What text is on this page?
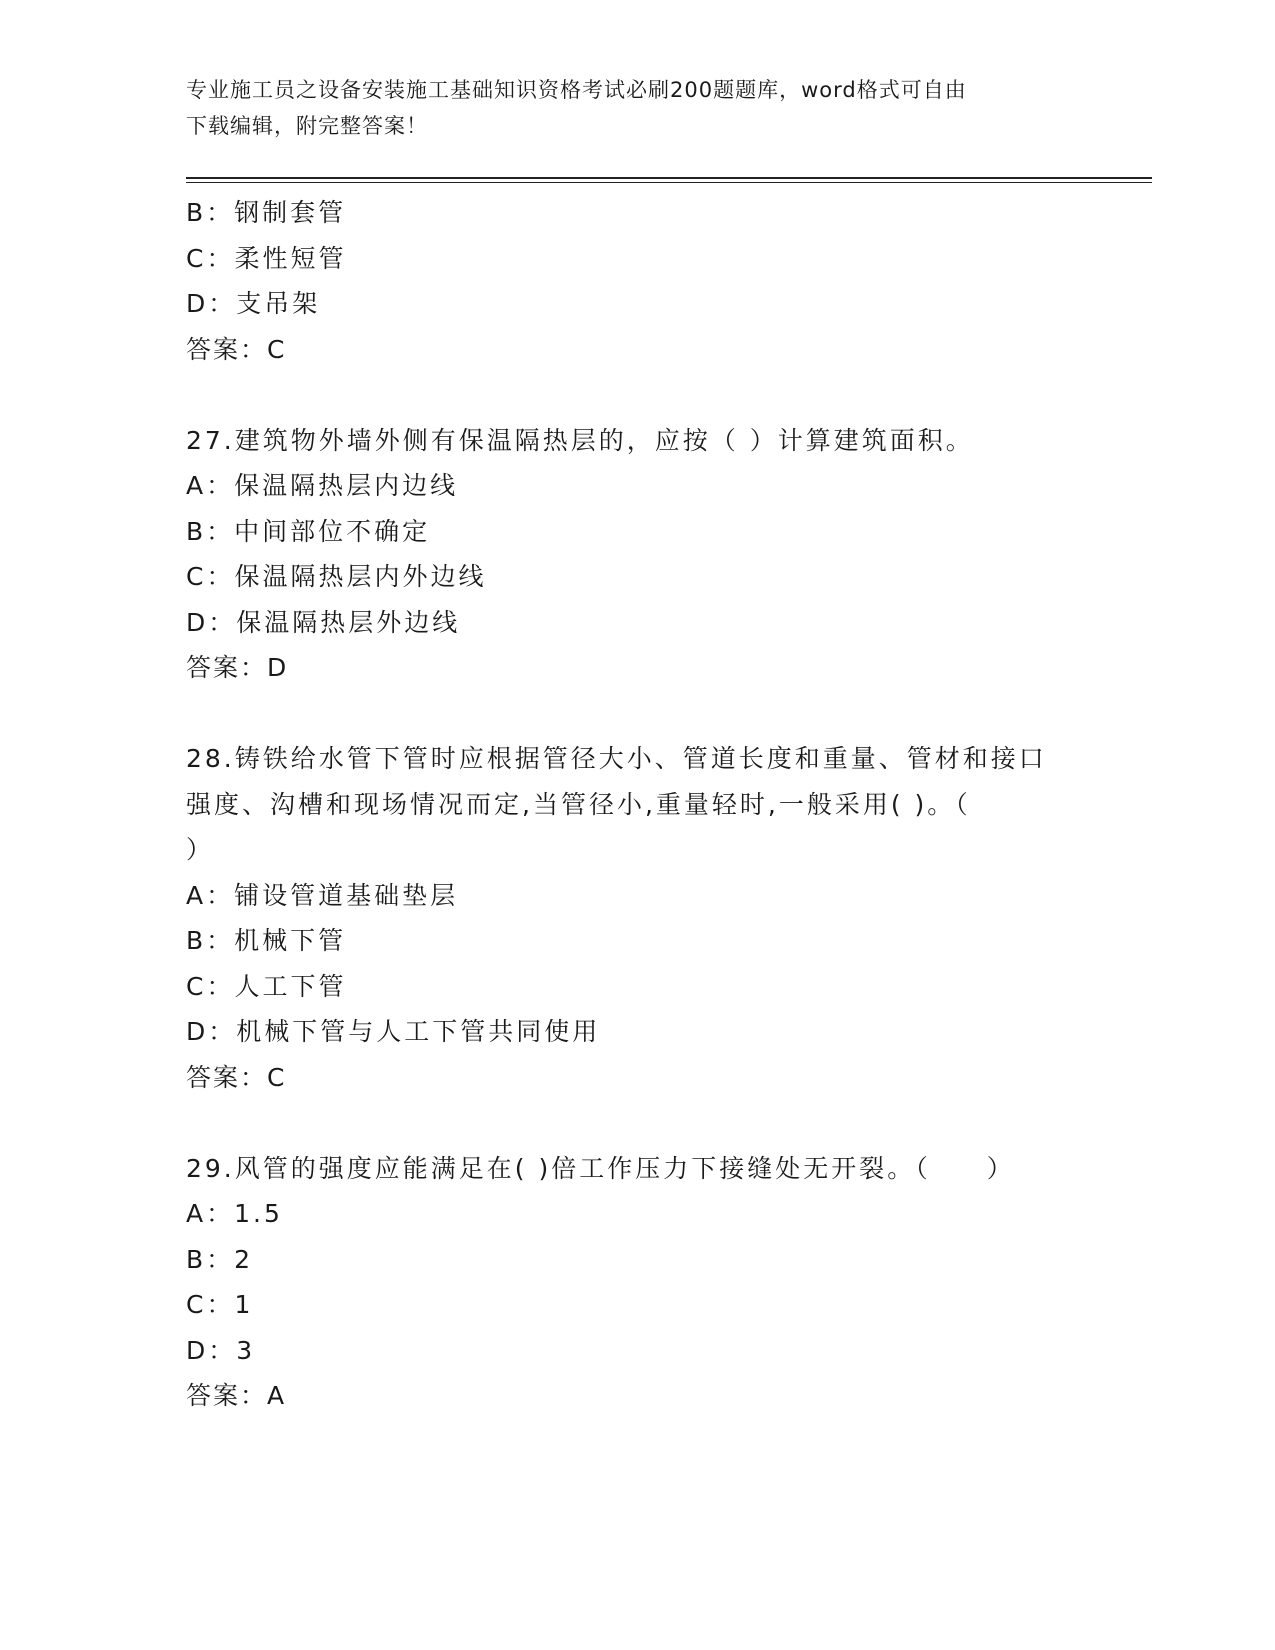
专业施工员之设备安装施工基础知识资格考试必刷200题题库，word格式可自由
下载编辑，附完整答案！
B：钢制套管
C：柔性短管
D：支吊架
答案：C
27.建筑物外墙外侧有保温隔热层的，应按（ ）计算建筑面积。
A：保温隔热层内边线
B：中间部位不确定
C：保温隔热层内外边线
D：保温隔热层外边线
答案：D
28.铸铁给水管下管时应根据管径大小、管道长度和重量、管材和接口
强度、沟槽和现场情况而定,当管径小,重量轻时,一般采用( )。（
）
A：铺设管道基础垫层
B：机械下管
C：人工下管
D：机械下管与人工下管共同使用
答案：C
29.风管的强度应能满足在( )倍工作压力下接缝处无开裂。（　　）
A：1.5
B：2
C：1
D：3
答案：A
